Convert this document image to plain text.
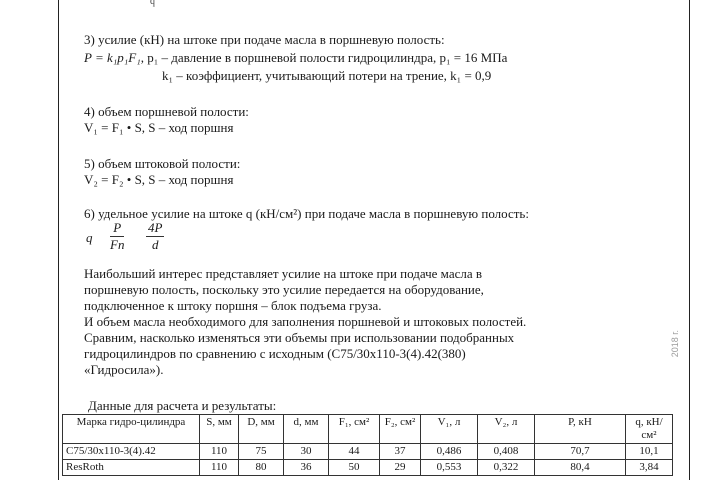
q
3) усилие (кН) на штоке при подаче масла в поршневую полость:
P = k₁p₁F₁, p₁ – давление в поршневой полости гидроцилиндра, p₁ = 16 МПа
k₁ – коэффициент, учитывающий потери на трение, k₁ = 0,9
4) объем поршневой полости:
V₁ = F₁ • S, S – ход поршня
5) объем штоковой полости:
V₂ = F₂ • S, S – ход поршня
6) удельное усилие на штоке q (кН/см²) при подаче масла в поршневую полость:
q
P
Fп $\frac{4P}{d}$
Наибольший интерес представляет усилие на штоке при подаче масла в
поршневую полость, поскольку это усилие передается на оборудование,
подключенное к штоку поршня – блок подъема груза.
И объем масла необходимого для заполнения поршневой и штоковых полостей.
Сравним, насколько изменяться эти объемы при использовании подобранных
гидроцилиндров по сравнению с исходным (С75/30х110-3(4).42(380)
«Гидросила»).
Данные для расчета и результаты:
2018 г.
Марка гидро-цилиндра	S, мм	D, мм	d, мм	F₁, см²	F₂, см²	V₁, л	V₂, л	P, кН	q, кН/см²
С75/30х110-3(4).42	110	75	30	44	37	0,486	0,408	70,7	10,1
ResRoth	110	80	36	50	29	0,553	0,322	80,4	3,84
